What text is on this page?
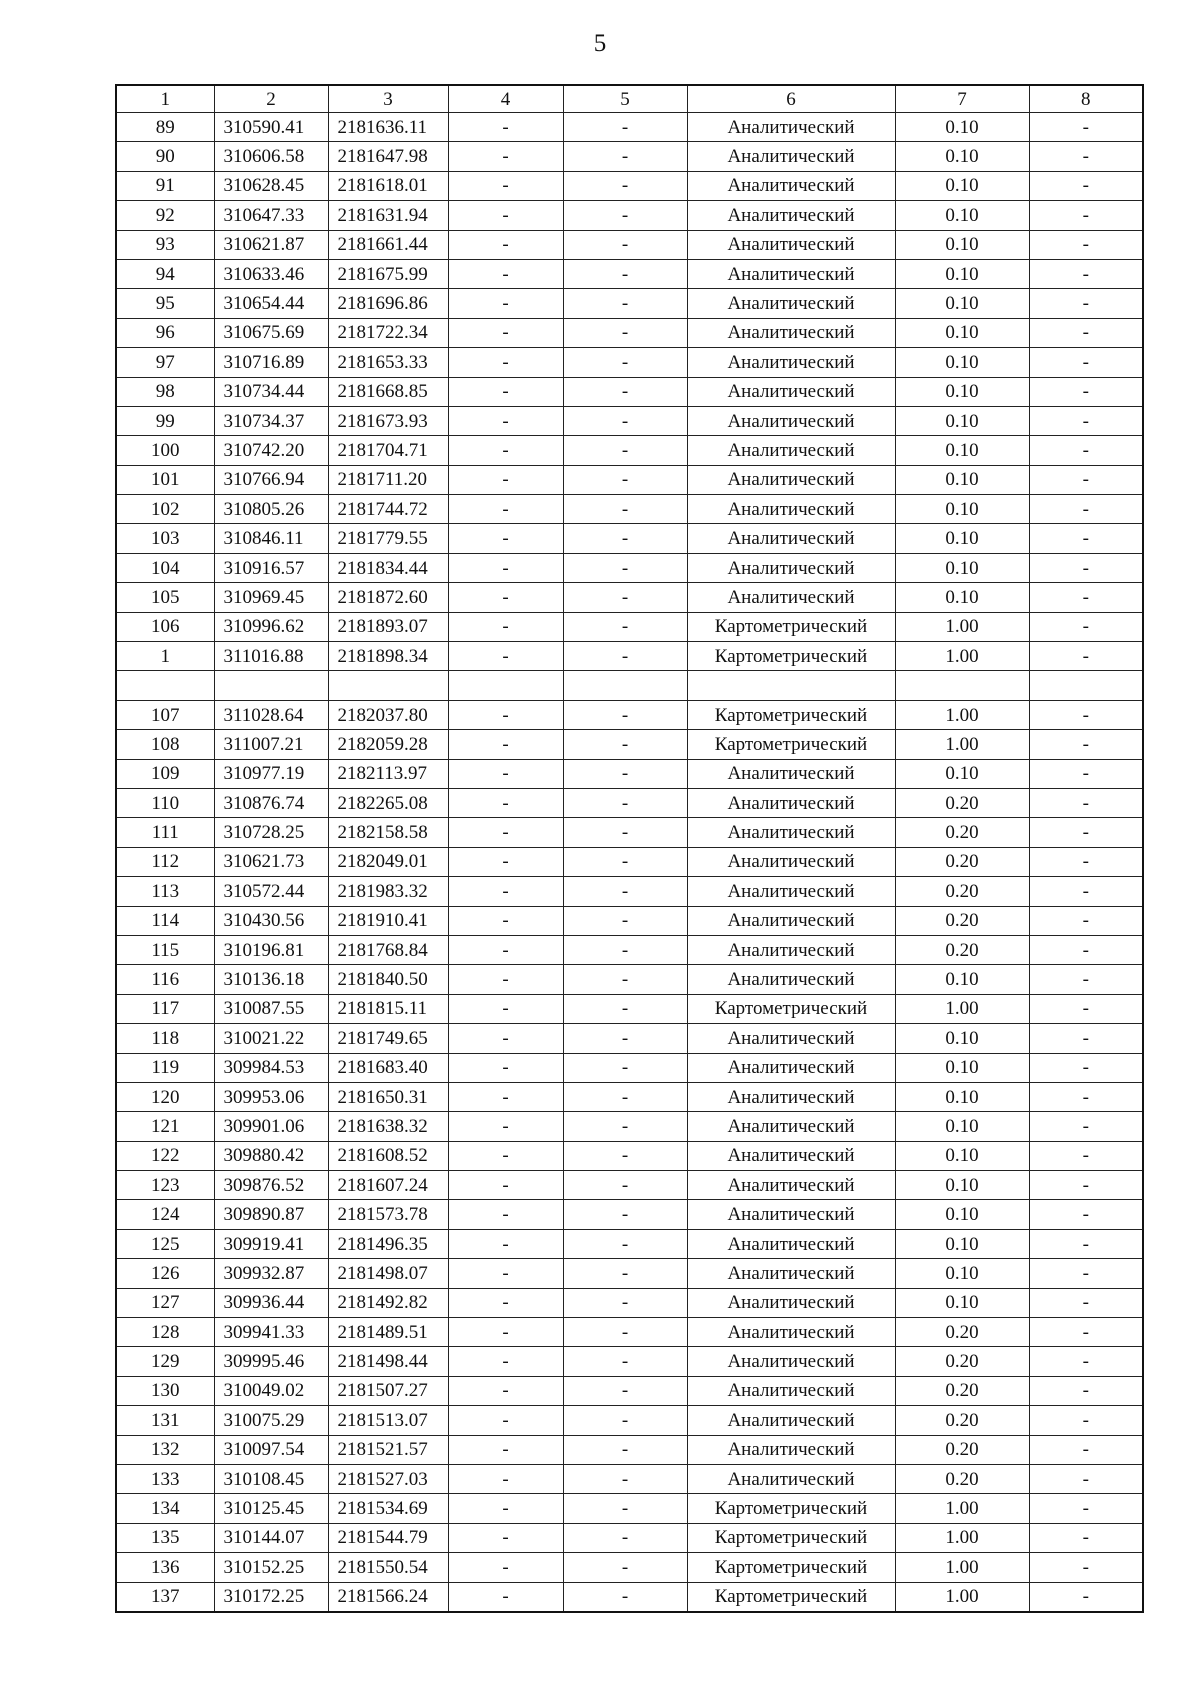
5
1	2	3	4	5	6	7	8
89	310590.41	2181636.11	-	-	Аналитический	0.10	-
90	310606.58	2181647.98	-	-	Аналитический	0.10	-
91	310628.45	2181618.01	-	-	Аналитический	0.10	-
92	310647.33	2181631.94	-	-	Аналитический	0.10	-
93	310621.87	2181661.44	-	-	Аналитический	0.10	-
94	310633.46	2181675.99	-	-	Аналитический	0.10	-
95	310654.44	2181696.86	-	-	Аналитический	0.10	-
96	310675.69	2181722.34	-	-	Аналитический	0.10	-
97	310716.89	2181653.33	-	-	Аналитический	0.10	-
98	310734.44	2181668.85	-	-	Аналитический	0.10	-
99	310734.37	2181673.93	-	-	Аналитический	0.10	-
100	310742.20	2181704.71	-	-	Аналитический	0.10	-
101	310766.94	2181711.20	-	-	Аналитический	0.10	-
102	310805.26	2181744.72	-	-	Аналитический	0.10	-
103	310846.11	2181779.55	-	-	Аналитический	0.10	-
104	310916.57	2181834.44	-	-	Аналитический	0.10	-
105	310969.45	2181872.60	-	-	Аналитический	0.10	-
106	310996.62	2181893.07	-	-	Картометрический	1.00	-
1	311016.88	2181898.34	-	-	Картометрический	1.00	-

107	311028.64	2182037.80	-	-	Картометрический	1.00	-
108	311007.21	2182059.28	-	-	Картометрический	1.00	-
109	310977.19	2182113.97	-	-	Аналитический	0.10	-
110	310876.74	2182265.08	-	-	Аналитический	0.20	-
111	310728.25	2182158.58	-	-	Аналитический	0.20	-
112	310621.73	2182049.01	-	-	Аналитический	0.20	-
113	310572.44	2181983.32	-	-	Аналитический	0.20	-
114	310430.56	2181910.41	-	-	Аналитический	0.20	-
115	310196.81	2181768.84	-	-	Аналитический	0.20	-
116	310136.18	2181840.50	-	-	Аналитический	0.10	-
117	310087.55	2181815.11	-	-	Картометрический	1.00	-
118	310021.22	2181749.65	-	-	Аналитический	0.10	-
119	309984.53	2181683.40	-	-	Аналитический	0.10	-
120	309953.06	2181650.31	-	-	Аналитический	0.10	-
121	309901.06	2181638.32	-	-	Аналитический	0.10	-
122	309880.42	2181608.52	-	-	Аналитический	0.10	-
123	309876.52	2181607.24	-	-	Аналитический	0.10	-
124	309890.87	2181573.78	-	-	Аналитический	0.10	-
125	309919.41	2181496.35	-	-	Аналитический	0.10	-
126	309932.87	2181498.07	-	-	Аналитический	0.10	-
127	309936.44	2181492.82	-	-	Аналитический	0.10	-
128	309941.33	2181489.51	-	-	Аналитический	0.20	-
129	309995.46	2181498.44	-	-	Аналитический	0.20	-
130	310049.02	2181507.27	-	-	Аналитический	0.20	-
131	310075.29	2181513.07	-	-	Аналитический	0.20	-
132	310097.54	2181521.57	-	-	Аналитический	0.20	-
133	310108.45	2181527.03	-	-	Аналитический	0.20	-
134	310125.45	2181534.69	-	-	Картометрический	1.00	-
135	310144.07	2181544.79	-	-	Картометрический	1.00	-
136	310152.25	2181550.54	-	-	Картометрический	1.00	-
137	310172.25	2181566.24	-	-	Картометрический	1.00	-
